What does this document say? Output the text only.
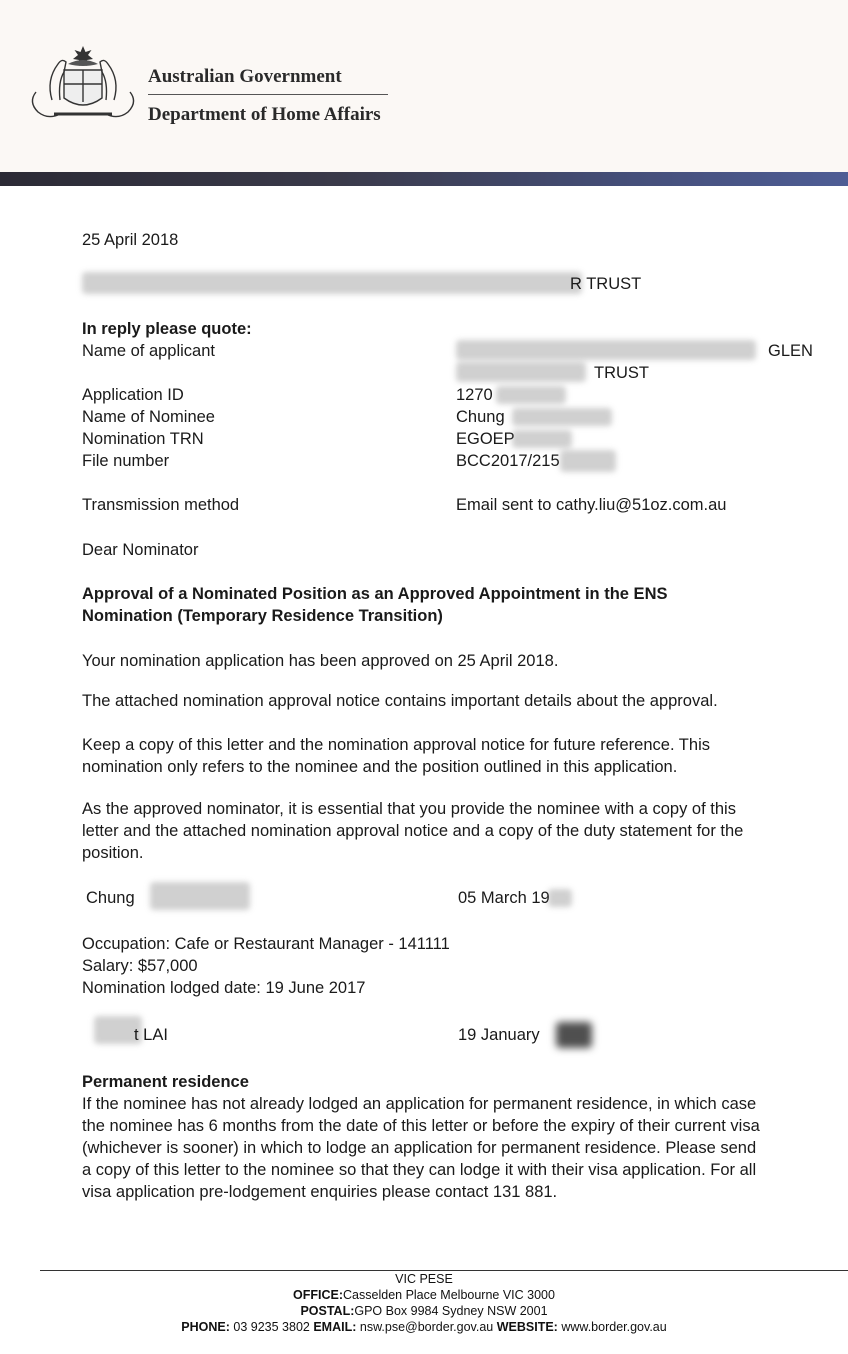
Australian Government
Department of Home Affairs
25 April 2018
R TRUST
In reply please quote:
Name of applicant	GLEN
TRUST
Application ID	1270
Name of Nominee	Chung
Nomination TRN	EGOEP
File number	BCC2017/215
Transmission method	Email sent to cathy.liu@51oz.com.au
Dear Nominator
Approval of a Nominated Position as an Approved Appointment in the ENS
Nomination (Temporary Residence Transition)
Your nomination application has been approved on 25 April 2018.
The attached nomination approval notice contains important details about the approval.
Keep a copy of this letter and the nomination approval notice for future reference. This
nomination only refers to the nominee and the position outlined in this application.
As the approved nominator, it is essential that you provide the nominee with a copy of this
letter and the attached nomination approval notice and a copy of the duty statement for the
position.
Chung	05 March 19
Occupation: Cafe or Restaurant Manager - 141111
Salary: $57,000
Nomination lodged date: 19 June 2017
t LAI	19 January
Permanent residence
If the nominee has not already lodged an application for permanent residence, in which case
the nominee has 6 months from the date of this letter or before the expiry of their current visa
(whichever is sooner) in which to lodge an application for permanent residence. Please send
a copy of this letter to the nominee so that they can lodge it with their visa application. For all
visa application pre-lodgement enquiries please contact 131 881.
VIC PESE
OFFICE:Casselden Place Melbourne VIC 3000
POSTAL:GPO Box 9984 Sydney NSW 2001
PHONE: 03 9235 3802 EMAIL: nsw.pse@border.gov.au WEBSITE: www.border.gov.au
